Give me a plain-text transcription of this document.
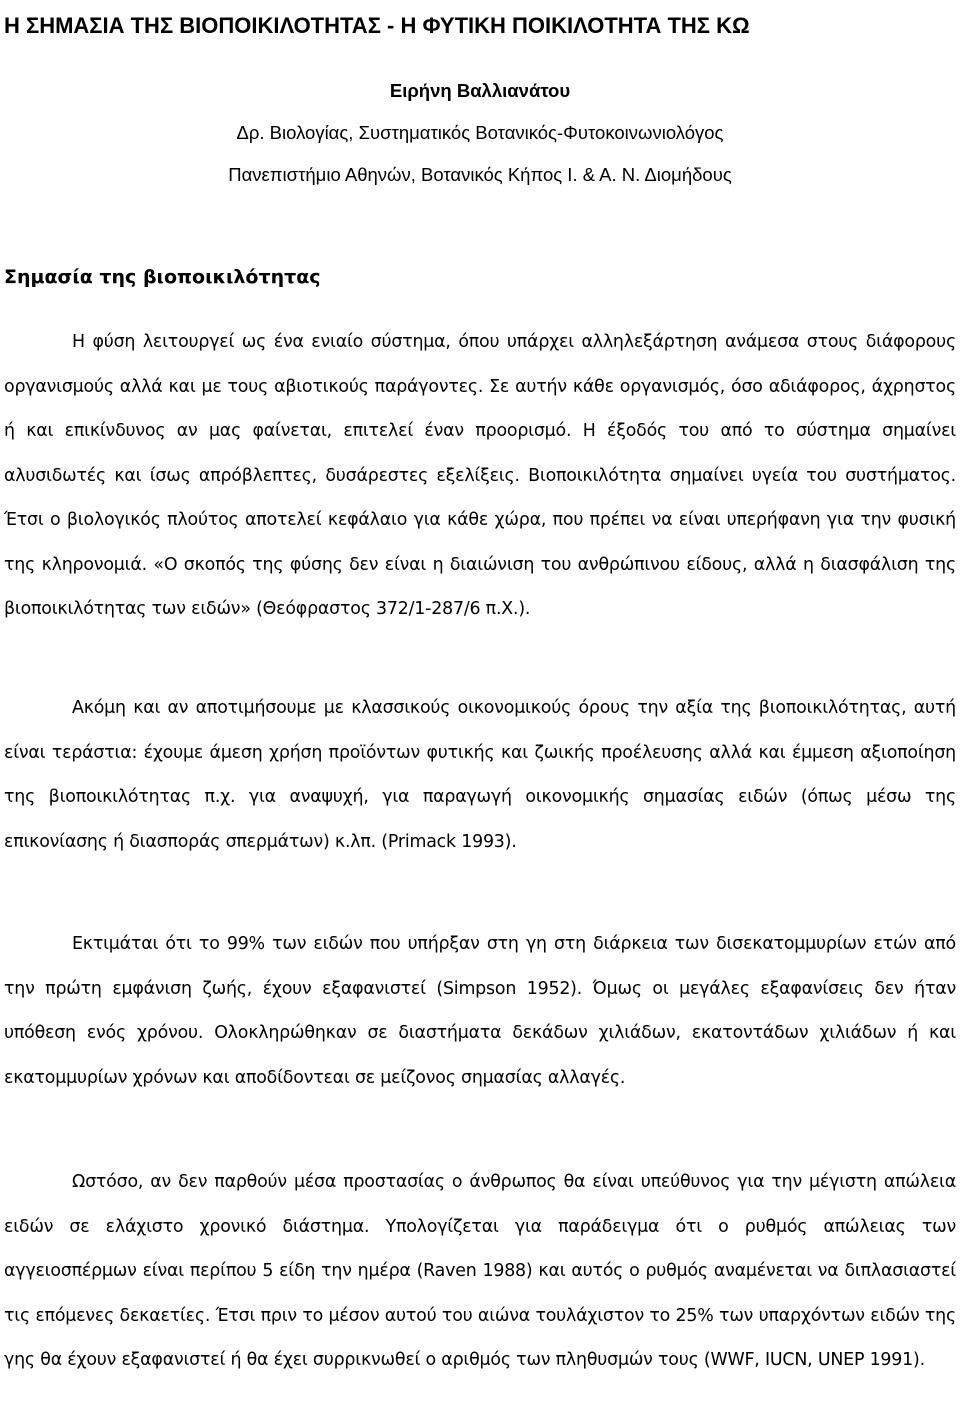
Η ΣΗΜΑΣΙΑ ΤΗΣ ΒΙΟΠΟΙΚΙΛΟΤΗΤΑΣ - Η ΦΥΤΙΚΗ ΠΟΙΚΙΛΟΤΗΤΑ ΤΗΣ ΚΩ
Ειρήνη Βαλλιανάτου
Δρ. Βιολογίας, Συστηματικός Βοτανικός-Φυτοκοινωνιολόγος
Πανεπιστήμιο Αθηνών, Βοτανικός Κήπος Ι. & Α. Ν. Διομήδους
Σημασία της βιοποικιλότητας

Η φύση λειτουργεί ως ένα ενιαίο σύστημα, όπου υπάρχει αλληλεξάρτηση ανάμεσα στους διάφορους οργανισμούς αλλά και με τους αβιοτικούς παράγοντες. Σε αυτήν κάθε οργανισμός, όσο αδιάφορος, άχρηστος ή και επικίνδυνος αν μας φαίνεται, επιτελεί έναν προορισμό. Η έξοδός του από το σύστημα σημαίνει αλυσιδωτές και ίσως απρόβλεπτες, δυσάρεστες εξελίξεις. Βιοποικιλότητα σημαίνει υγεία του συστήματος. Έτσι ο βιολογικός πλούτος αποτελεί κεφάλαιο για κάθε χώρα, που πρέπει να είναι υπερήφανη για την φυσική της κληρονομιά. «Ο σκοπός της φύσης δεν είναι η διαιώνιση του ανθρώπινου είδους, αλλά η διασφάλιση της βιοποικιλότητας των ειδών» (Θεόφραστος 372/1-287/6 π.Χ.).

Ακόμη και αν αποτιμήσουμε με κλασσικούς οικονομικούς όρους την αξία της βιοποικιλότητας, αυτή είναι τεράστια: έχουμε άμεση χρήση προϊόντων φυτικής και ζωικής προέλευσης αλλά και έμμεση αξιοποίηση της βιοποικιλότητας π.χ. για αναψυχή, για παραγωγή οικονομικής σημασίας ειδών (όπως μέσω της επικονίασης ή διασποράς σπερμάτων) κ.λπ. (Primack 1993).

Εκτιμάται ότι το 99% των ειδών που υπήρξαν στη γη στη διάρκεια των δισεκατομμυρίων ετών από την πρώτη εμφάνιση ζωής, έχουν εξαφανιστεί (Simpson 1952). Όμως οι μεγάλες εξαφανίσεις δεν ήταν υπόθεση ενός χρόνου. Ολοκληρώθηκαν σε διαστήματα δεκάδων χιλιάδων, εκατοντάδων χιλιάδων ή και εκατομμυρίων χρόνων και αποδίδοντεαι σε μείζονος σημασίας αλλαγές.

Ωστόσο, αν δεν παρθούν μέσα προστασίας ο άνθρωπος θα είναι υπεύθυνος για την μέγιστη απώλεια ειδών σε ελάχιστο χρονικό διάστημα. Υπολογίζεται για παράδειγμα ότι ο ρυθμός απώλειας των αγγειοσπέρμων είναι περίπου 5 είδη την ημέρα (Raven 1988) και αυτός ο ρυθμός αναμένεται να διπλασιαστεί τις επόμενες δεκαετίες. Έτσι πριν το μέσον αυτού του αιώνα τουλάχιστον το 25% των υπαρχόντων ειδών της γης θα έχουν εξαφανιστεί ή θα έχει συρρικνωθεί ο αριθμός των πληθυσμών τους (WWF, IUCN, UNEP 1991).
